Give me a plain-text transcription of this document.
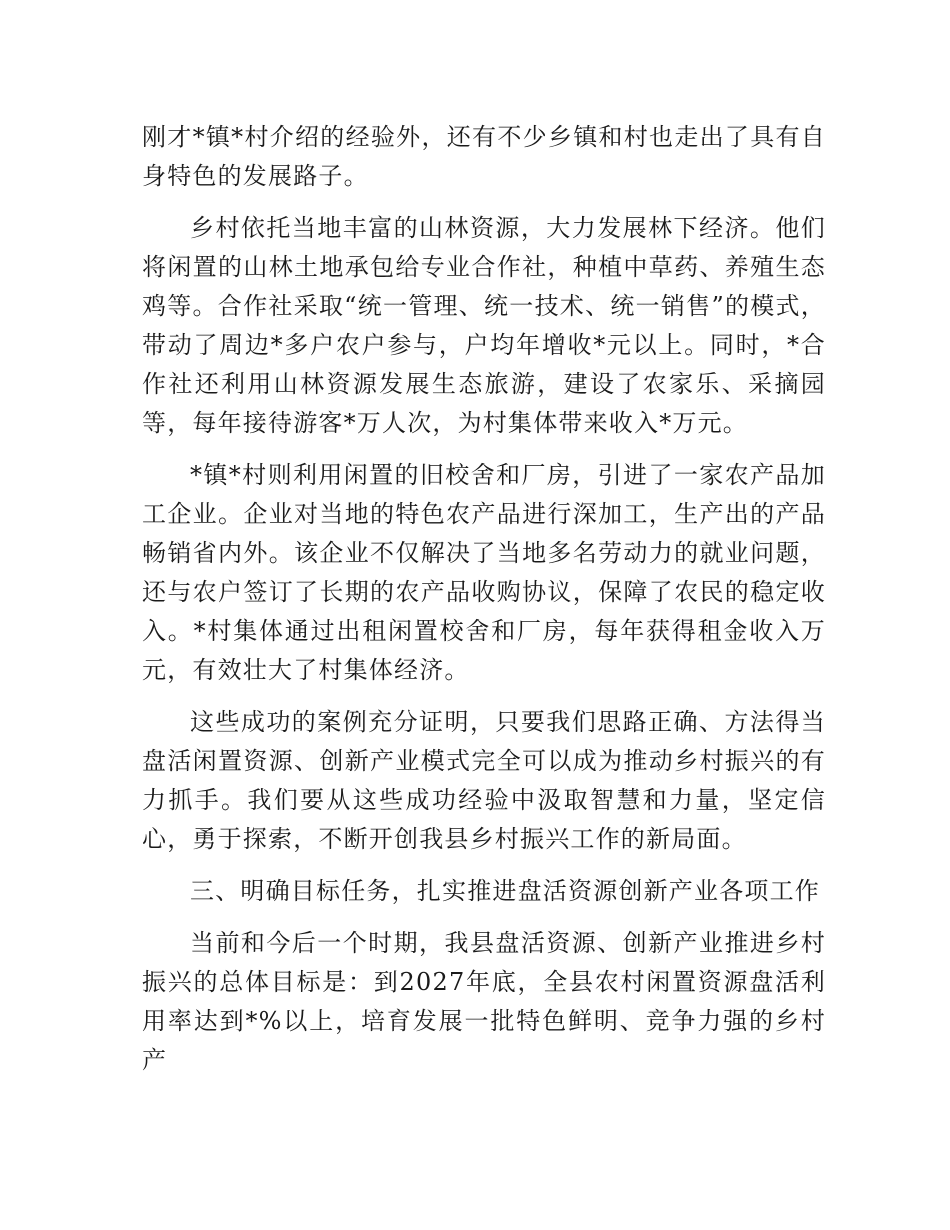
刚才*镇*村介绍的经验外，还有不少乡镇和村也走出了具有自身特色的发展路子。

乡村依托当地丰富的山林资源，大力发展林下经济。他们将闲置的山林土地承包给专业合作社，种植中草药、养殖生态鸡等。合作社采取“统一管理、统一技术、统一销售”的模式，带动了周边*多户农户参与，户均年增收*元以上。同时，*合作社还利用山林资源发展生态旅游，建设了农家乐、采摘园等，每年接待游客*万人次，为村集体带来收入*万元。

*镇*村则利用闲置的旧校舍和厂房，引进了一家农产品加工企业。企业对当地的特色农产品进行深加工，生产出的产品畅销省内外。该企业不仅解决了当地多名劳动力的就业问题，还与农户签订了长期的农产品收购协议，保障了农民的稳定收入。*村集体通过出租闲置校舍和厂房，每年获得租金收入万元，有效壮大了村集体经济。

这些成功的案例充分证明，只要我们思路正确、方法得当盘活闲置资源、创新产业模式完全可以成为推动乡村振兴的有力抓手。我们要从这些成功经验中汲取智慧和力量，坚定信心，勇于探索，不断开创我县乡村振兴工作的新局面。

三、明确目标任务，扎实推进盘活资源创新产业各项工作

当前和今后一个时期，我县盘活资源、创新产业推进乡村振兴的总体目标是：到2027年底，全县农村闲置资源盘活利用率达到*%以上，培育发展一批特色鲜明、竞争力强的乡村产
